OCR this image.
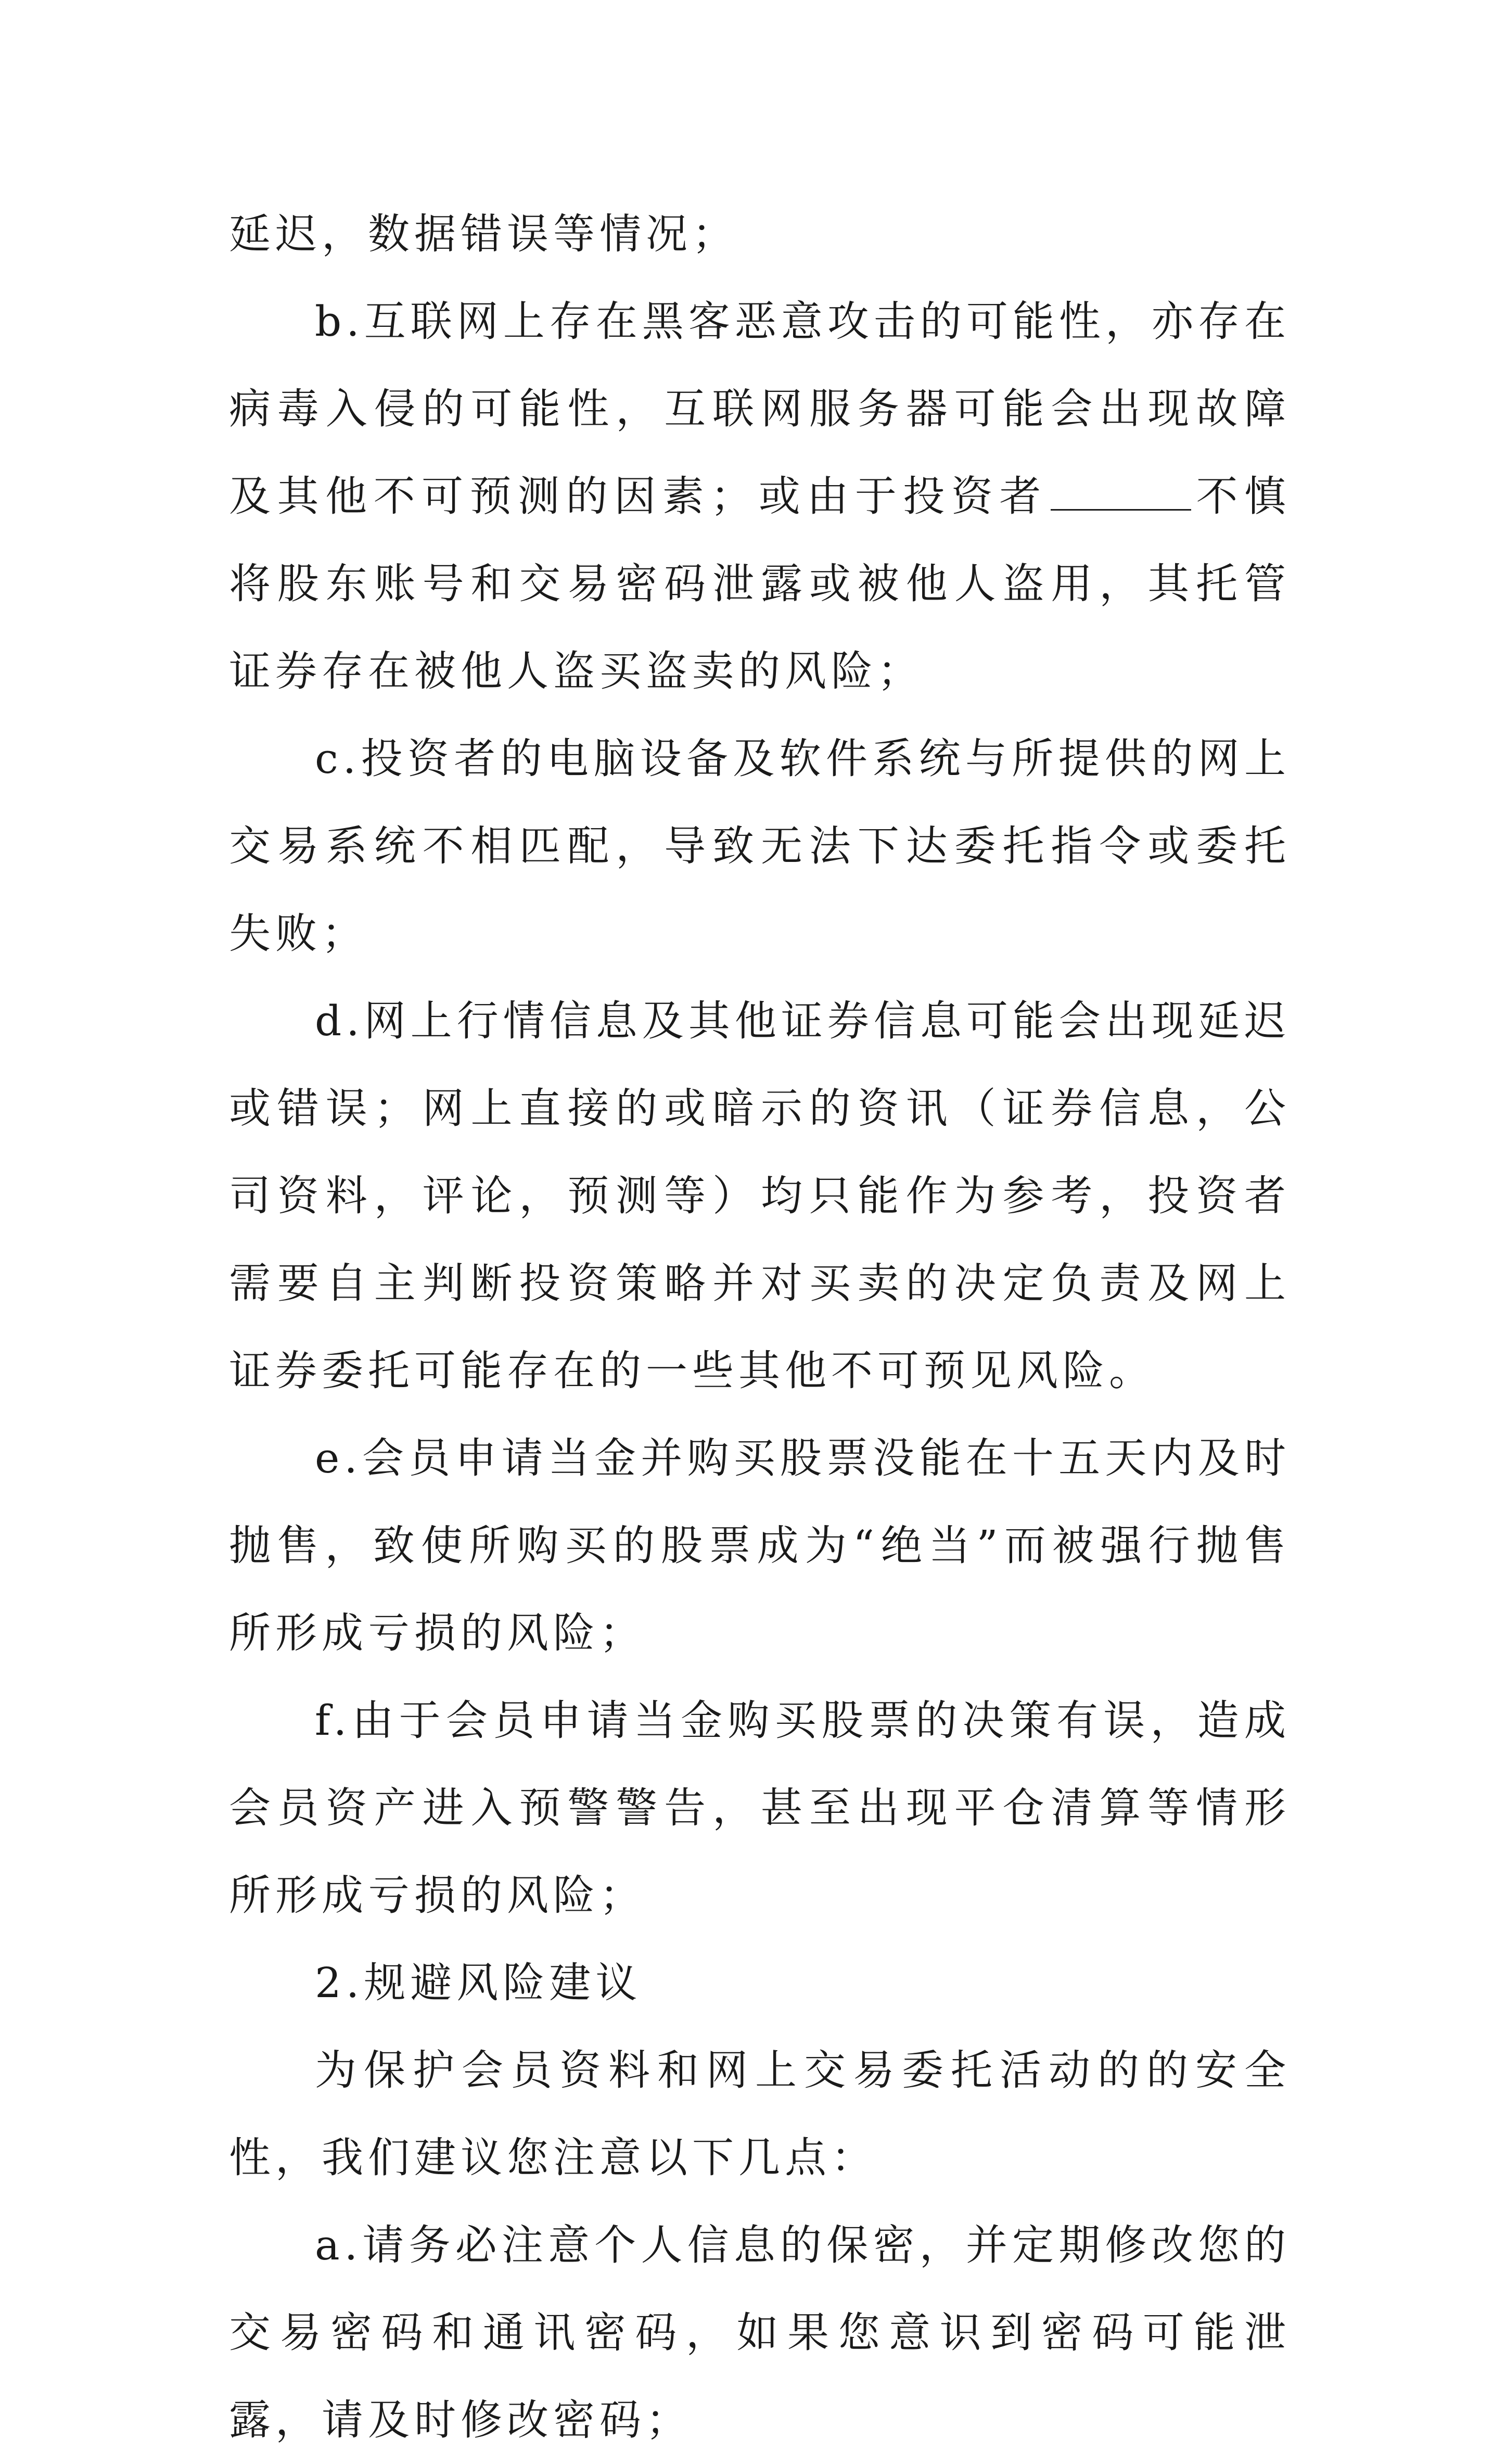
延迟，数据错误等情况；

b.互联网上存在黑客恶意攻击的可能性，亦存在病毒入侵的可能性，互联网服务器可能会出现故障及其他不可预测的因素；或由于投资者	不慎将股东账号和交易密码泄露或被他人盗用，其托管证券存在被他人盗买盗卖的风险；

c.投资者的电脑设备及软件系统与所提供的网上交易系统不相匹配，导致无法下达委托指令或委托失败；

d.网上行情信息及其他证券信息可能会出现延迟或错误；网上直接的或暗示的资讯（证券信息，公司资料，评论，预测等）均只能作为参考，投资者需要自主判断投资策略并对买卖的决定负责及网上证券委托可能存在的一些其他不可预见风险。

e.会员申请当金并购买股票没能在十五天内及时抛售，致使所购买的股票成为“绝当”而被强行抛售所形成亏损的风险；

f.由于会员申请当金购买股票的决策有误，造成会员资产进入预警警告，甚至出现平仓清算等情形所形成亏损的风险；

2.规避风险建议

为保护会员资料和网上交易委托活动的的安全性，我们建议您注意以下几点：

a.请务必注意个人信息的保密，并定期修改您的交易密码和通讯密码，如果您意识到密码可能泄露，请及时修改密码；
